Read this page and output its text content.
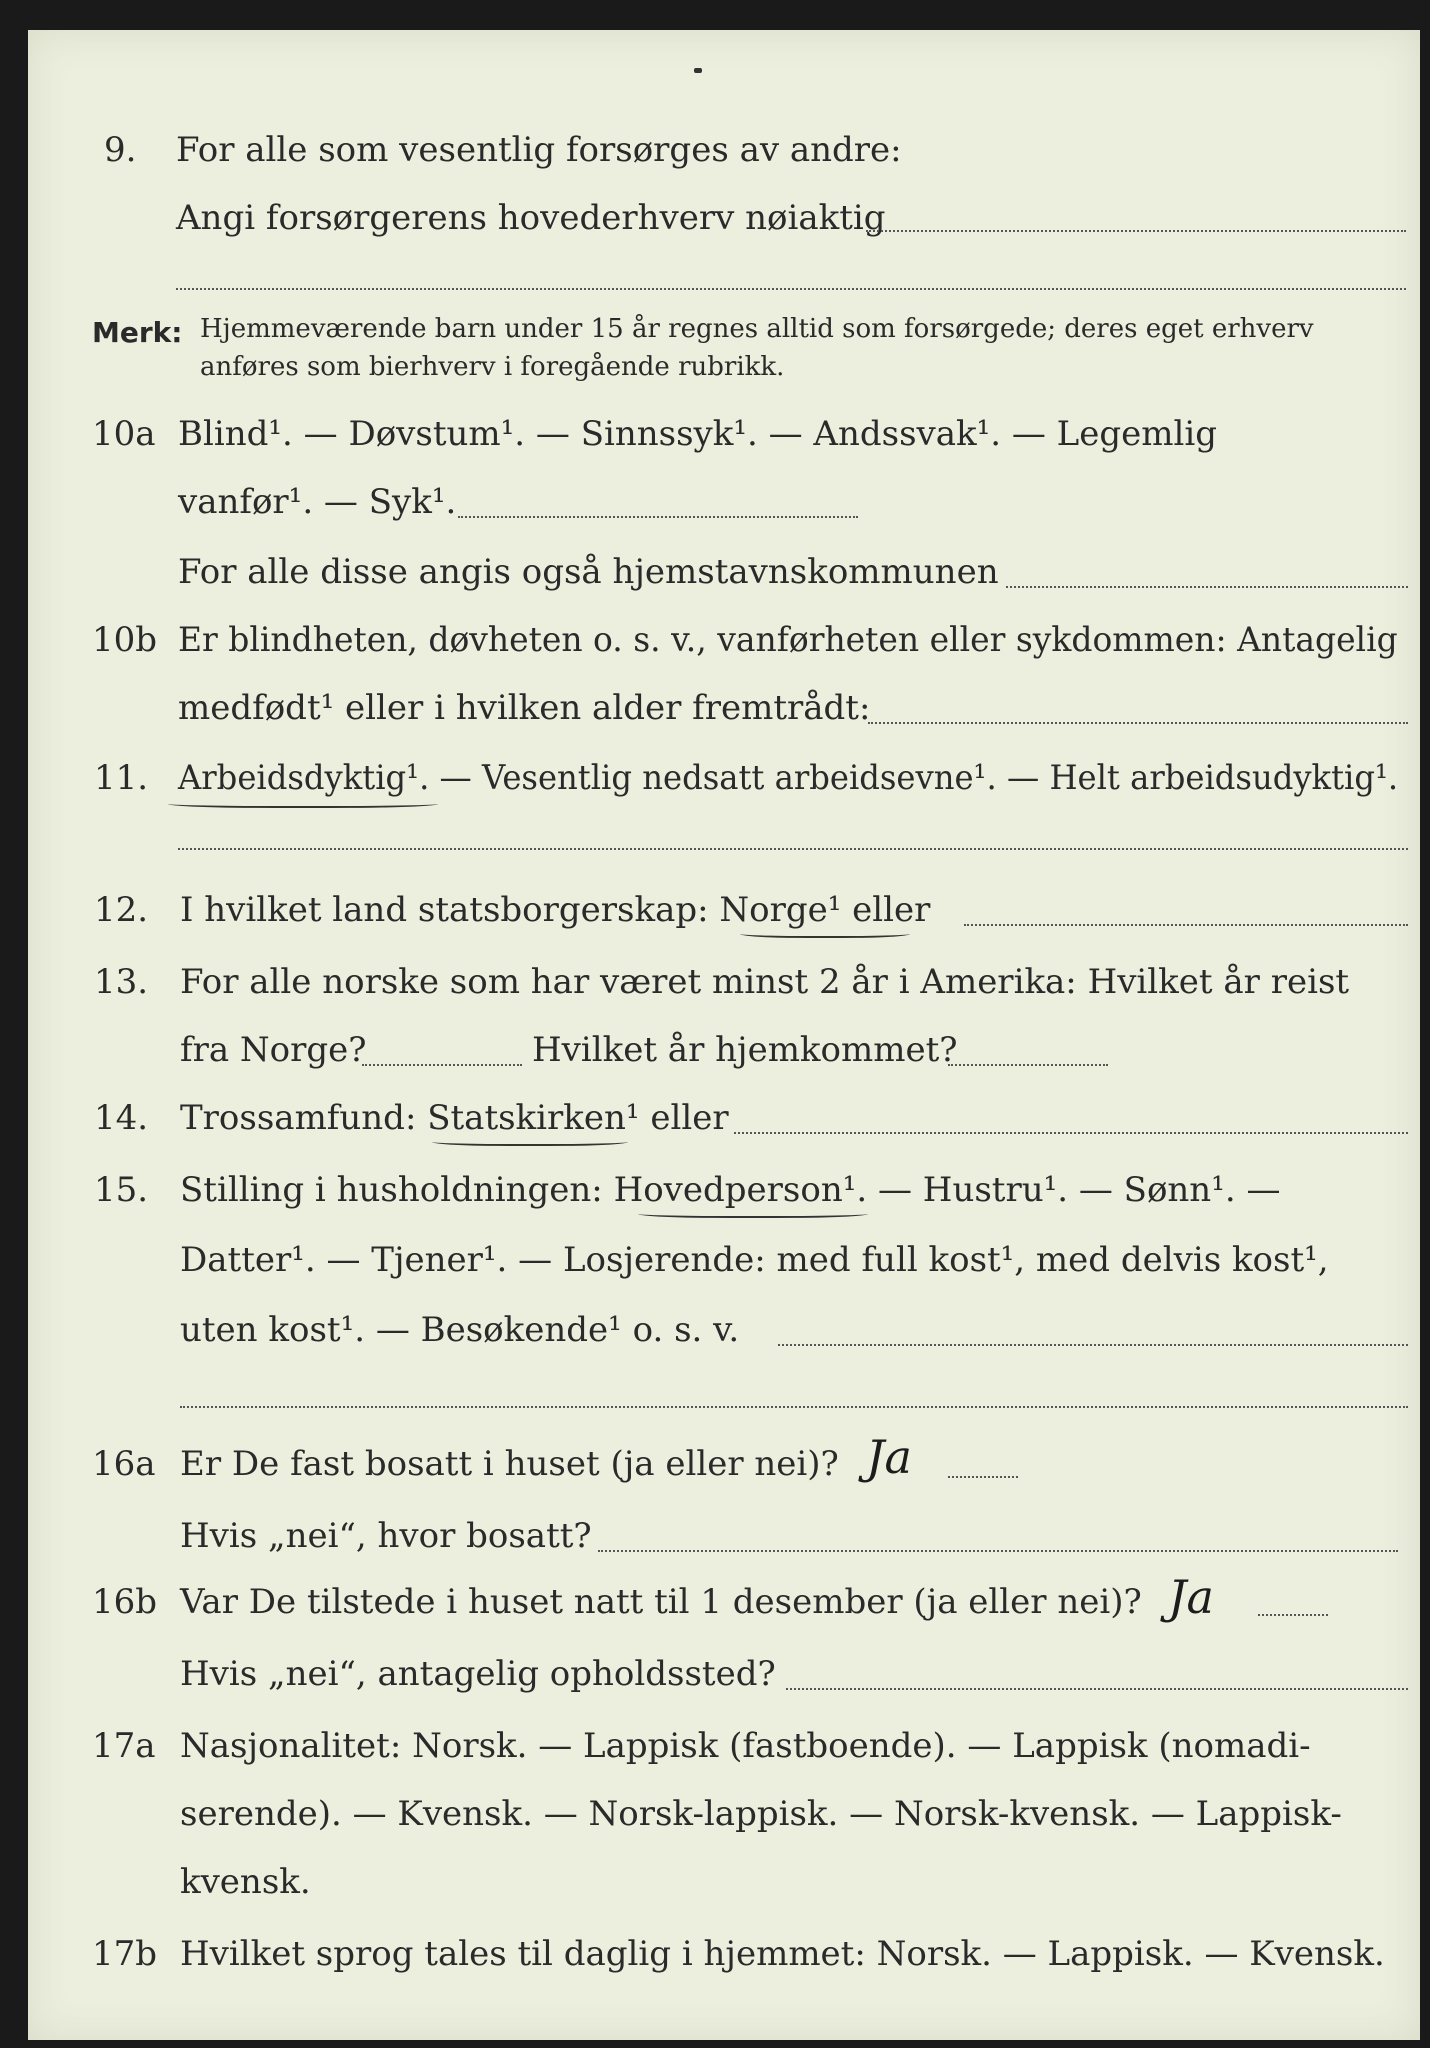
9. For alle som vesentlig forsørges av andre:
Angi forsørgerens hovederhverv nøiaktig
Merk: Hjemmeværende barn under 15 år regnes alltid som forsørgede; deres eget erhverv
anføres som bierhverv i foregående rubrikk.
10a Blind¹. — Døvstum¹. — Sinnssyk¹. — Andssvak¹. — Legemlig
vanfør¹. — Syk¹.
For alle disse angis også hjemstavnskommunen
10b Er blindheten, døvheten o. s. v., vanførheten eller sykdommen: Antagelig
medfødt¹ eller i hvilken alder fremtrådt:
11. Arbeidsdyktig¹. — Vesentlig nedsatt arbeidsevne¹. — Helt arbeidsudyktig¹.
12. I hvilket land statsborgerskap: Norge¹ eller
13. For alle norske som har været minst 2 år i Amerika: Hvilket år reist
fra Norge?	Hvilket år hjemkommet?
14. Trossamfund: Statskirken¹ eller
15. Stilling i husholdningen: Hovedperson¹. — Hustru¹. — Sønn¹. —
Datter¹. — Tjener¹. — Losjerende: med full kost¹, med delvis kost¹,
uten kost¹. — Besøkende¹ o. s. v.
16a Er De fast bosatt i huset (ja eller nei)? Ja
Hvis „nei“, hvor bosatt?
16b Var De tilstede i huset natt til 1 desember (ja eller nei)? Ja
Hvis „nei“, antagelig opholdssted?
17a Nasjonalitet: Norsk. — Lappisk (fastboende). — Lappisk (nomadi-
serende). — Kvensk. — Norsk-lappisk. — Norsk-kvensk. — Lappisk-
kvensk.
17b Hvilket sprog tales til daglig i hjemmet: Norsk. — Lappisk. — Kvensk.
